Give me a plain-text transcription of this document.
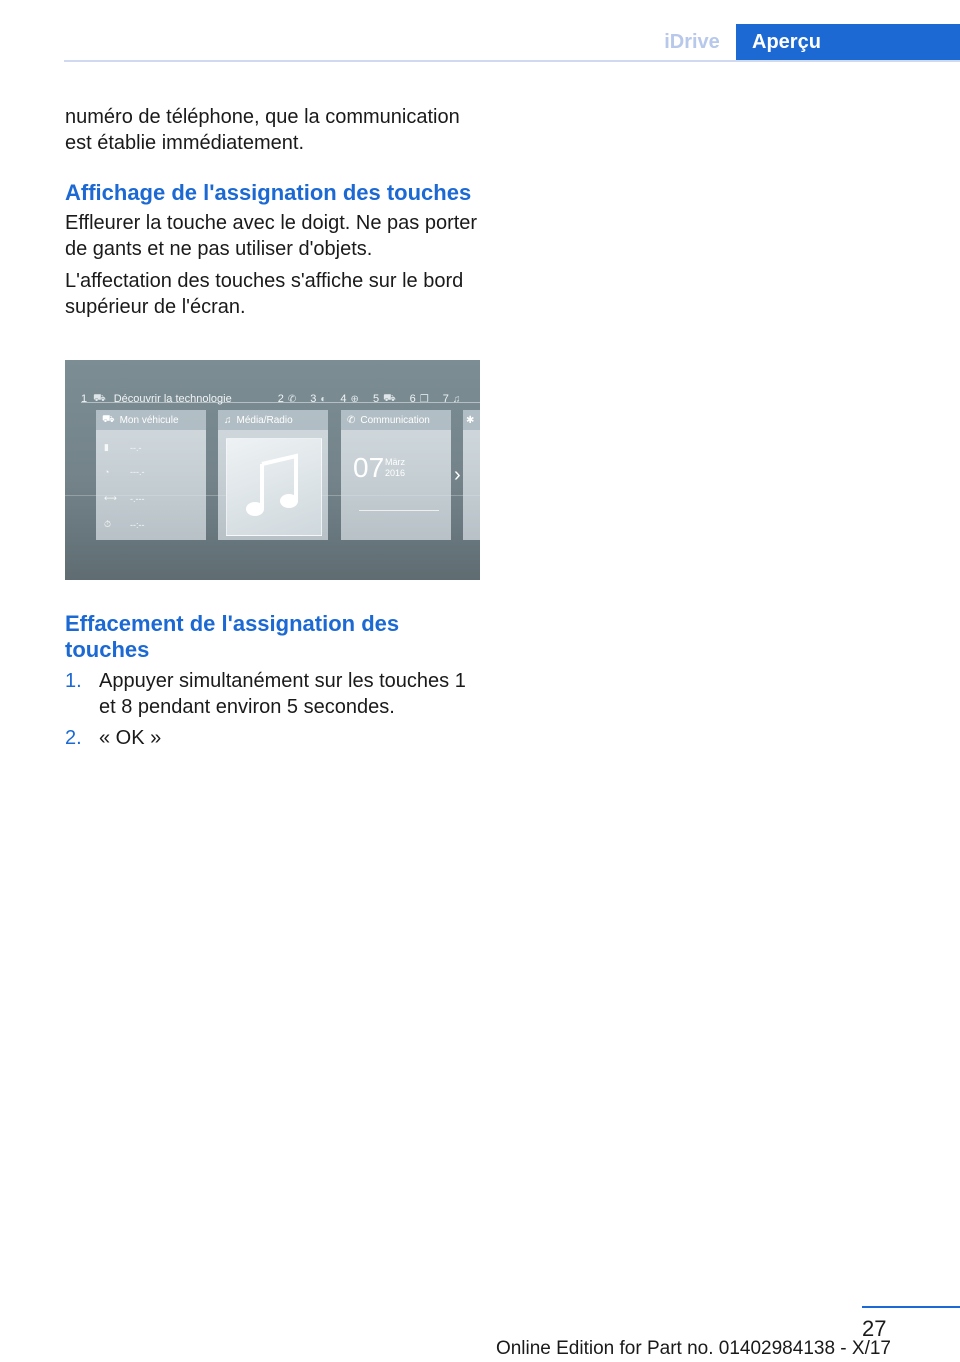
iDrive	Aperçu

numéro de téléphone, que la communication est établie immédiatement.

Affichage de l'assignation des touches

Effleurer la touche avec le doigt. Ne pas porter de gants et ne pas utiliser d'objets.

L'affectation des touches s'affiche sur le bord supérieur de l'écran.

1 ⛟ Découvrir la technologie	2 ✆ 3 ◐ 4 ⊕ 5 ⛟ 6 ❐ 7 ♫
⛟ Mon véhicule
▮	--.-
◔	---.-
⟷	-.---
⏱	--:--
♫ Média/Radio	✆ Communication
07 März
2016
✱
›
Effacement de l'assignation des touches
1. Appuyer simultanément sur les touches 1 et 8 pendant environ 5 secondes.
2. « OK »
27
Online Edition for Part no. 01402984138 - X/17
